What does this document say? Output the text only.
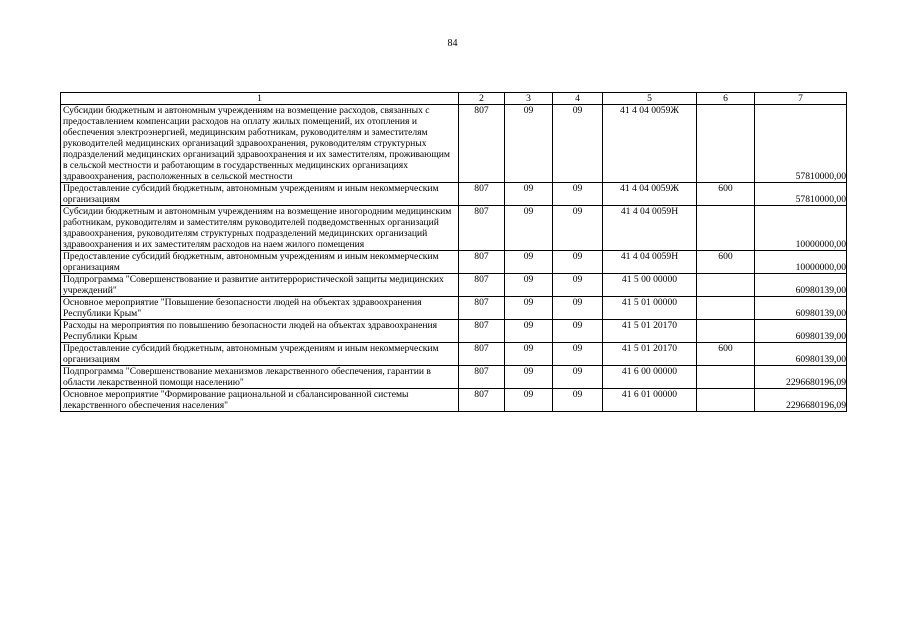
84
1	2	3	4	5	6	7
Субсидии бюджетным и автономным учреждениям на возмещение расходов, связанных с предоставлением компенсации расходов на оплату жилых помещений, их отопления и обеспечения электроэнергией, медицинским работникам, руководителям и заместителям руководителей медицинских организаций здравоохранения, руководителям структурных подразделений медицинских организаций здравоохранения и их заместителям, проживающим в сельской местности и работающим в государственных медицинских организациях здравоохранения, расположенных в сельской местности	807	09	09	41 4 04 0059Ж		57810000,00
Предоставление субсидий бюджетным, автономным учреждениям и иным некоммерческим организациям	807	09	09	41 4 04 0059Ж	600	57810000,00
Субсидии бюджетным и автономным учреждениям на возмещение иногородним медицинским работникам, руководителям и заместителям руководителей подведомственных организаций здравоохранения, руководителям структурных подразделений медицинских организаций здравоохранения и их заместителям расходов на наем жилого помещения	807	09	09	41 4 04 0059Н		10000000,00
Предоставление субсидий бюджетным, автономным учреждениям и иным некоммерческим организациям	807	09	09	41 4 04 0059Н	600	10000000,00
Подпрограмма "Совершенствование и развитие антитеррористической защиты медицинских учреждений"	807	09	09	41 5 00 00000		60980139,00
Основное мероприятие "Повышение безопасности людей на объектах здравоохранения Республики Крым"	807	09	09	41 5 01 00000		60980139,00
Расходы на мероприятия по повышению безопасности людей на объектах здравоохранения Республики Крым	807	09	09	41 5 01 20170		60980139,00
Предоставление субсидий бюджетным, автономным учреждениям и иным некоммерческим организациям	807	09	09	41 5 01 20170	600	60980139,00
Подпрограмма "Совершенствование механизмов лекарственного обеспечения, гарантии в области лекарственной помощи населению"	807	09	09	41 6 00 00000		2296680196,09
Основное мероприятие "Формирование рациональной и сбалансированной системы лекарственного обеспечения населения"	807	09	09	41 6 01 00000		2296680196,09
